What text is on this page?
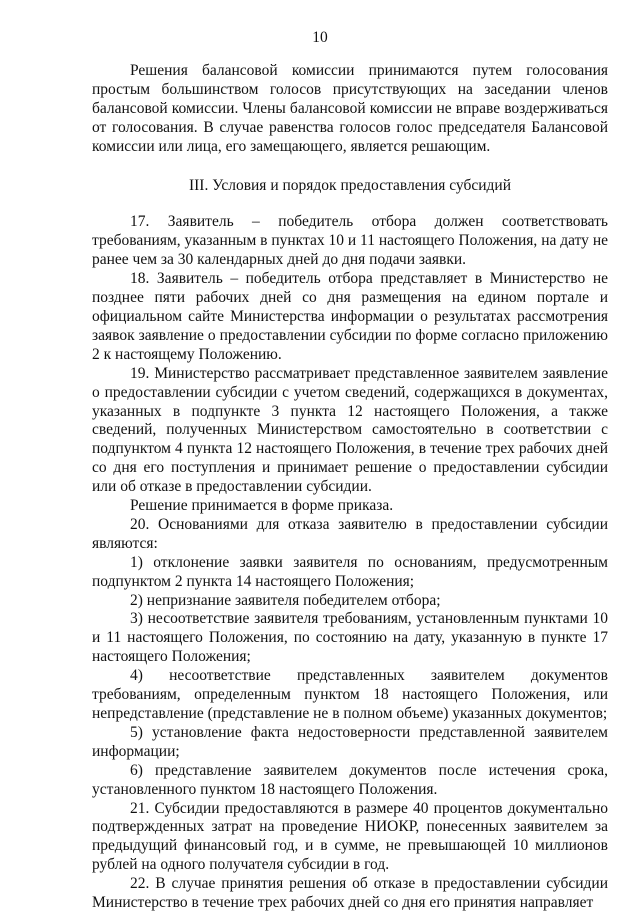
10

Решения балансовой комиссии принимаются путем голосования простым большинством голосов присутствующих на заседании членов балансовой комиссии. Члены балансовой комиссии не вправе воздерживаться от голосования. В случае равенства голосов голос председателя Балансовой комиссии или лица, его замещающего, является решающим.

III. Условия и порядок предоставления субсидий

17. Заявитель – победитель отбора должен соответствовать требованиям, указанным в пунктах 10 и 11 настоящего Положения, на дату не ранее чем за 30 календарных дней до дня подачи заявки.

18. Заявитель – победитель отбора представляет в Министерство не позднее пяти рабочих дней со дня размещения на едином портале и официальном сайте Министерства информации о результатах рассмотрения заявок заявление о предоставлении субсидии по форме согласно приложению 2 к настоящему Положению.

19. Министерство рассматривает представленное заявителем заявление о предоставлении субсидии с учетом сведений, содержащихся в документах, указанных в подпункте 3 пункта 12 настоящего Положения, а также сведений, полученных Министерством самостоятельно в соответствии с подпунктом 4 пункта 12 настоящего Положения, в течение трех рабочих дней со дня его поступления и принимает решение о предоставлении субсидии или об отказе в предоставлении субсидии.

Решение принимается в форме приказа.

20. Основаниями для отказа заявителю в предоставлении субсидии являются:

1) отклонение заявки заявителя по основаниям, предусмотренным подпунктом 2 пункта 14 настоящего Положения;

2) непризнание заявителя победителем отбора;

3) несоответствие заявителя требованиям, установленным пунктами 10 и 11 настоящего Положения, по состоянию на дату, указанную в пункте 17 настоящего Положения;

4) несоответствие представленных заявителем документов требованиям, определенным пунктом 18 настоящего Положения, или непредставление (представление не в полном объеме) указанных документов;

5) установление факта недостоверности представленной заявителем информации;

6) представление заявителем документов после истечения срока, установленного пунктом 18 настоящего Положения.

21. Субсидии предоставляются в размере 40 процентов документально подтвержденных затрат на проведение НИОКР, понесенных заявителем за предыдущий финансовый год, и в сумме, не превышающей 10 миллионов рублей на одного получателя субсидии в год.

22. В случае принятия решения об отказе в предоставлении субсидии Министерство в течение трех рабочих дней со дня его принятия направляет
